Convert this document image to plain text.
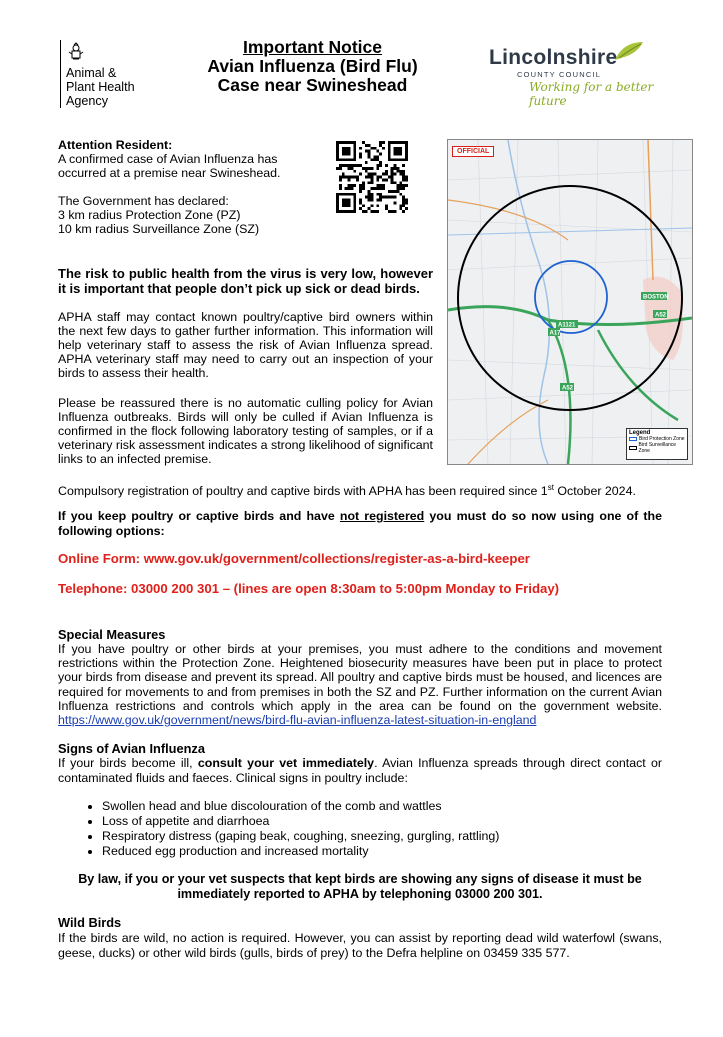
Animal &
Plant Health
Agency
Important Notice
Avian Influenza (Bird Flu)
Case near Swineshead
Lincolnshire
COUNTY COUNCIL
Working for a better future
Attention Resident:
A confirmed case of Avian Influenza has
occurred at a premise near Swineshead.
The Government has declared:
3 km radius Protection Zone (PZ)
10 km radius Surveillance Zone (SZ)
A1121
A52
A52
BOSTON
A17
OFFICIAL
Legend
Bird Protection Zone
Bird Surveillance Zone
The risk to public health from the virus is very low, however it is important that people don’t pick up sick or dead birds.
APHA staff may contact known poultry/captive bird owners within the next few days to gather further information. This information will help veterinary staff to assess the risk of Avian Influenza spread. APHA veterinary staff may need to carry out an inspection of your birds to assess their health.
Please be reassured there is no automatic culling policy for Avian Influenza outbreaks. Birds will only be culled if Avian Influenza is confirmed in the flock following laboratory testing of samples, or if a veterinary risk assessment indicates a strong likelihood of significant links to an infected premise.
Compulsory registration of poultry and captive birds with APHA has been required since 1st October 2024.
If you keep poultry or captive birds and have not registered you must do so now using one of the following options:
Online Form: www.gov.uk/government/collections/register-as-a-bird-keeper
Telephone: 03000 200 301 – (lines are open 8:30am to 5:00pm Monday to Friday)
Special Measures
If you have poultry or other birds at your premises, you must adhere to the conditions and movement restrictions within the Protection Zone. Heightened biosecurity measures have been put in place to protect your birds from disease and prevent its spread. All poultry and captive birds must be housed, and licences are required for movements to and from premises in both the SZ and PZ. Further information on the current Avian Influenza restrictions and controls which apply in the area can be found on the government website. https://www.gov.uk/government/news/bird-flu-avian-influenza-latest-situation-in-england
Signs of Avian Influenza
If your birds become ill, consult your vet immediately. Avian Influenza spreads through direct contact or contaminated fluids and faeces. Clinical signs in poultry include:
• Swollen head and blue discolouration of the comb and wattles
• Loss of appetite and diarrhoea
• Respiratory distress (gaping beak, coughing, sneezing, gurgling, rattling)
• Reduced egg production and increased mortality
By law, if you or your vet suspects that kept birds are showing any signs of disease it must be
immediately reported to APHA by telephoning 03000 200 301.
Wild Birds
If the birds are wild, no action is required. However, you can assist by reporting dead wild waterfowl (swans, geese, ducks) or other wild birds (gulls, birds of prey) to the Defra helpline on 03459 335 577.
